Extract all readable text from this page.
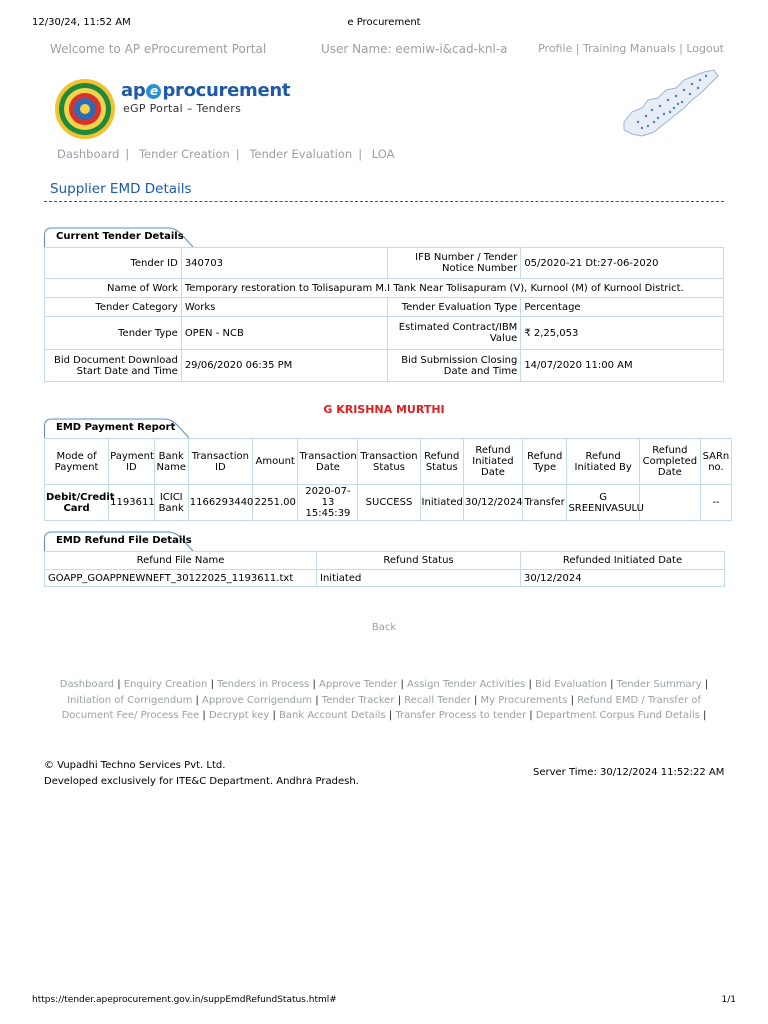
12/30/24, 11:52 AM	e Procurement
Welcome to AP eProcurement Portal	User Name: eemiw-i&cad-knl-a	Profile | Training Manuals | Logout
ap e procurement
eGP Portal – Tenders
Dashboard | Tender Creation | Tender Evaluation | LOA
Supplier EMD Details
Current Tender Details
Tender ID	340703	IFB Number / Tender Notice Number	05/2020-21 Dt:27-06-2020
Name of Work	Temporary restoration to Tolisapuram M.I Tank Near Tolisapuram (V), Kurnool (M) of Kurnool District.		
Tender Category	Works	Tender Evaluation Type	Percentage
Tender Type	OPEN - NCB	Estimated Contract/IBM Value	₹ 2,25,053
Bid Document Download Start Date and Time	29/06/2020 06:35 PM	Bid Submission Closing Date and Time	14/07/2020 11:00 AM
G KRISHNA MURTHI
EMD Payment Report
Mode of Payment	Payment ID	Bank Name	Transaction ID	Amount	Transaction Date	Transaction Status	Refund Status	Refund Initiated Date	Refund Type	Refund Initiated By	Refund Completed Date	SARn no.
Debit/Credit Card	1193611	ICICI Bank	1166293440	2251.00	2020-07-13 15:45:39	SUCCESS	Initiated	30/12/2024	Transfer	G SREENIVASULU		--
EMD Refund File Details
Refund File Name	Refund Status	Refunded Initiated Date
GOAPP_GOAPPNEWNEFT_30122025_1193611.txt	Initiated	30/12/2024
Back
Dashboard | Enquiry Creation | Tenders in Process | Approve Tender | Assign Tender Activities | Bid Evaluation | Tender Summary | Initiation of Corrigendum | Approve Corrigendum | Tender Tracker | Recall Tender | My Procurements | Refund EMD / Transfer of Document Fee/ Process Fee | Decrypt key | Bank Account Details | Transfer Process to tender | Department Corpus Fund Details |
© Vupadhi Techno Services Pvt. Ltd.
Developed exclusively for ITE&C Department. Andhra Pradesh.
Server Time: 30/12/2024 11:52:22 AM
https://tender.apeprocurement.gov.in/suppEmdRefundStatus.html#	1/1
